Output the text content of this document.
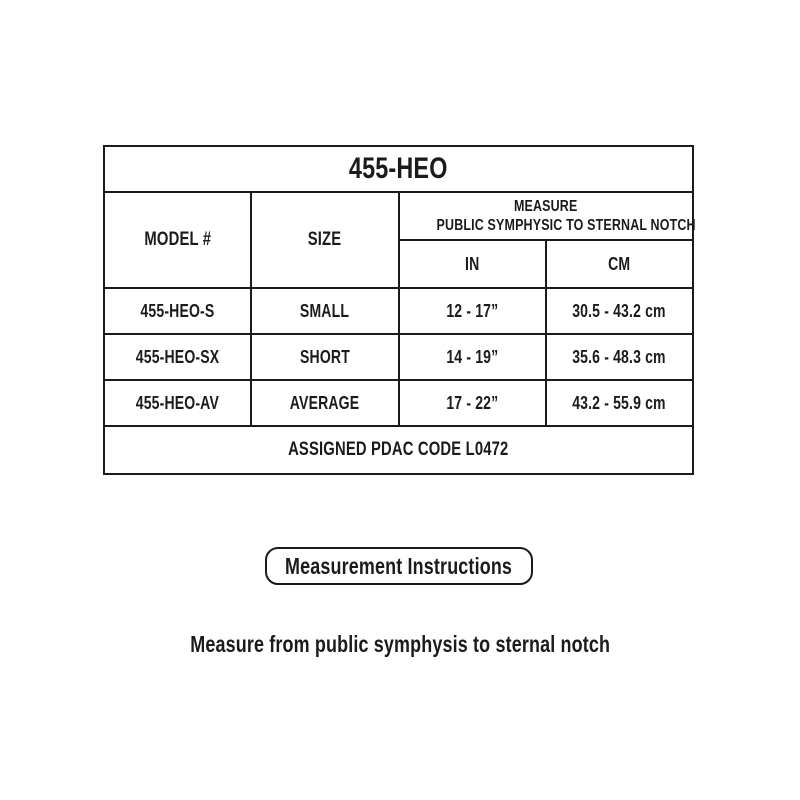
455-HEO			
MODEL #	SIZE	MEASURE
PUBLIC SYMPHYSIC TO STERNAL NOTCH	

		IN	CM
455-HEO-S	SMALL	12 - 17”	30.5 - 43.2 cm
455-HEO-SX	SHORT	14 - 19”	35.6 - 48.3 cm
455-HEO-AV	AVERAGE	17 - 22”	43.2 - 55.9 cm
ASSIGNED PDAC CODE L0472			
Measurement Instructions
Measure from public symphysis to sternal notch
